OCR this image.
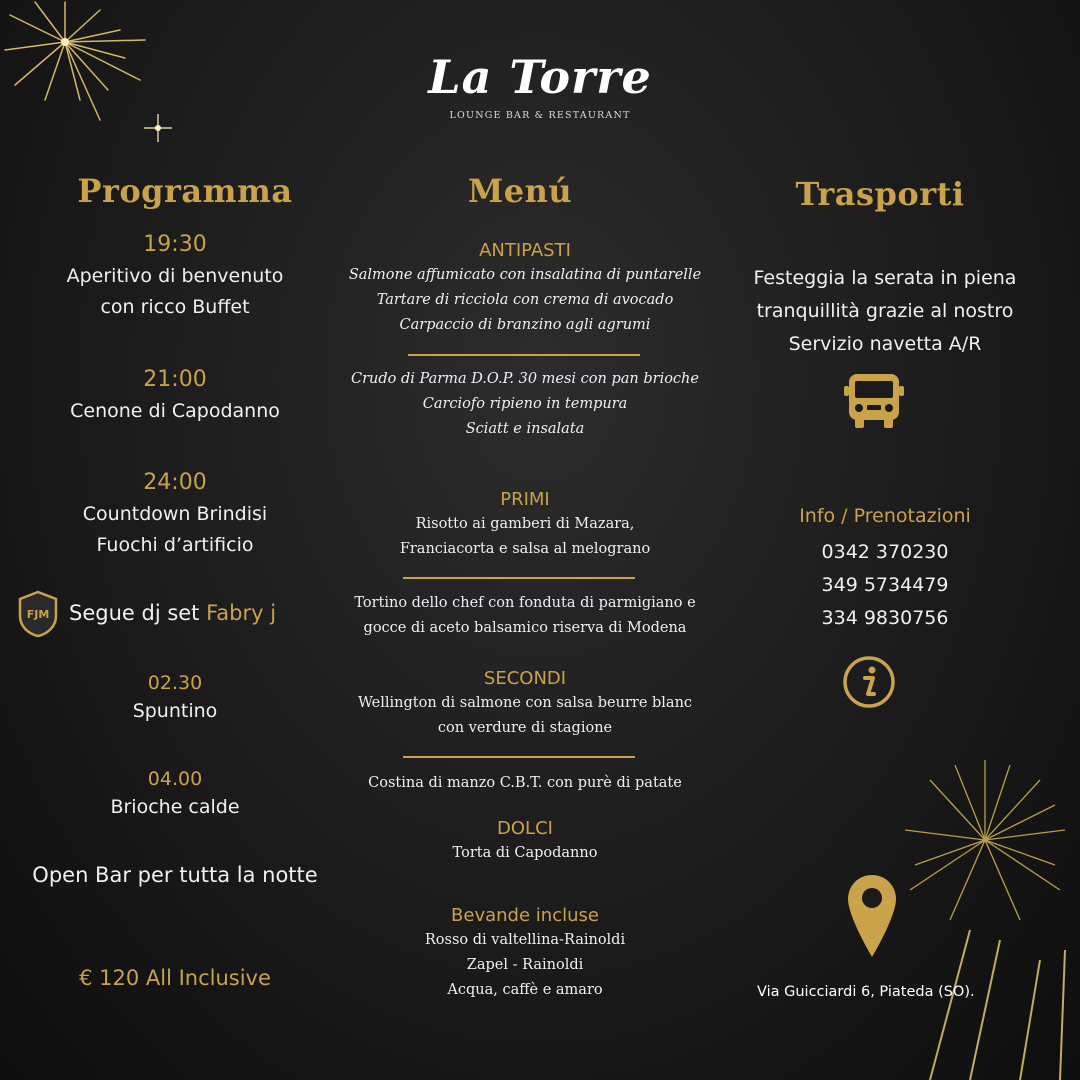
La Torre
LOUNGE BAR & RESTAURANT
Programma
19:30
Aperitivo di benvenuto
con ricco Buffet
21:00
Cenone di Capodanno
24:00
Countdown Brindisi
Fuochi d’artificio
FJM Segue dj set Fabry j
02.30
Spuntino
04.00
Brioche calde
Open Bar per tutta la notte
€ 120 All Inclusive
Menú
ANTIPASTI
Salmone affumicato con insalatina di puntarelle
Tartare di ricciola con crema di avocado
Carpaccio di branzino agli agrumi
Crudo di Parma D.O.P. 30 mesi con pan brioche
Carciofo ripieno in tempura
Sciatt e insalata
PRIMI
Risotto ai gamberi di Mazara,
Franciacorta e salsa al melograno
Tortino dello chef con fonduta di parmigiano e
gocce di aceto balsamico riserva di Modena
SECONDI
Wellington di salmone con salsa beurre blanc
con verdure di stagione
Costina di manzo C.B.T. con purè di patate
DOLCI
Torta di Capodanno
Bevande incluse
Rosso di valtellina-Rainoldi
Zapel - Rainoldi
Acqua, caffè e amaro
Trasporti
Festeggia la serata in piena
tranquillità grazie al nostro
Servizio navetta A/R
Info / Prenotazioni
0342 370230
349 5734479
334 9830756
Via Guicciardi 6, Piateda (SO).
